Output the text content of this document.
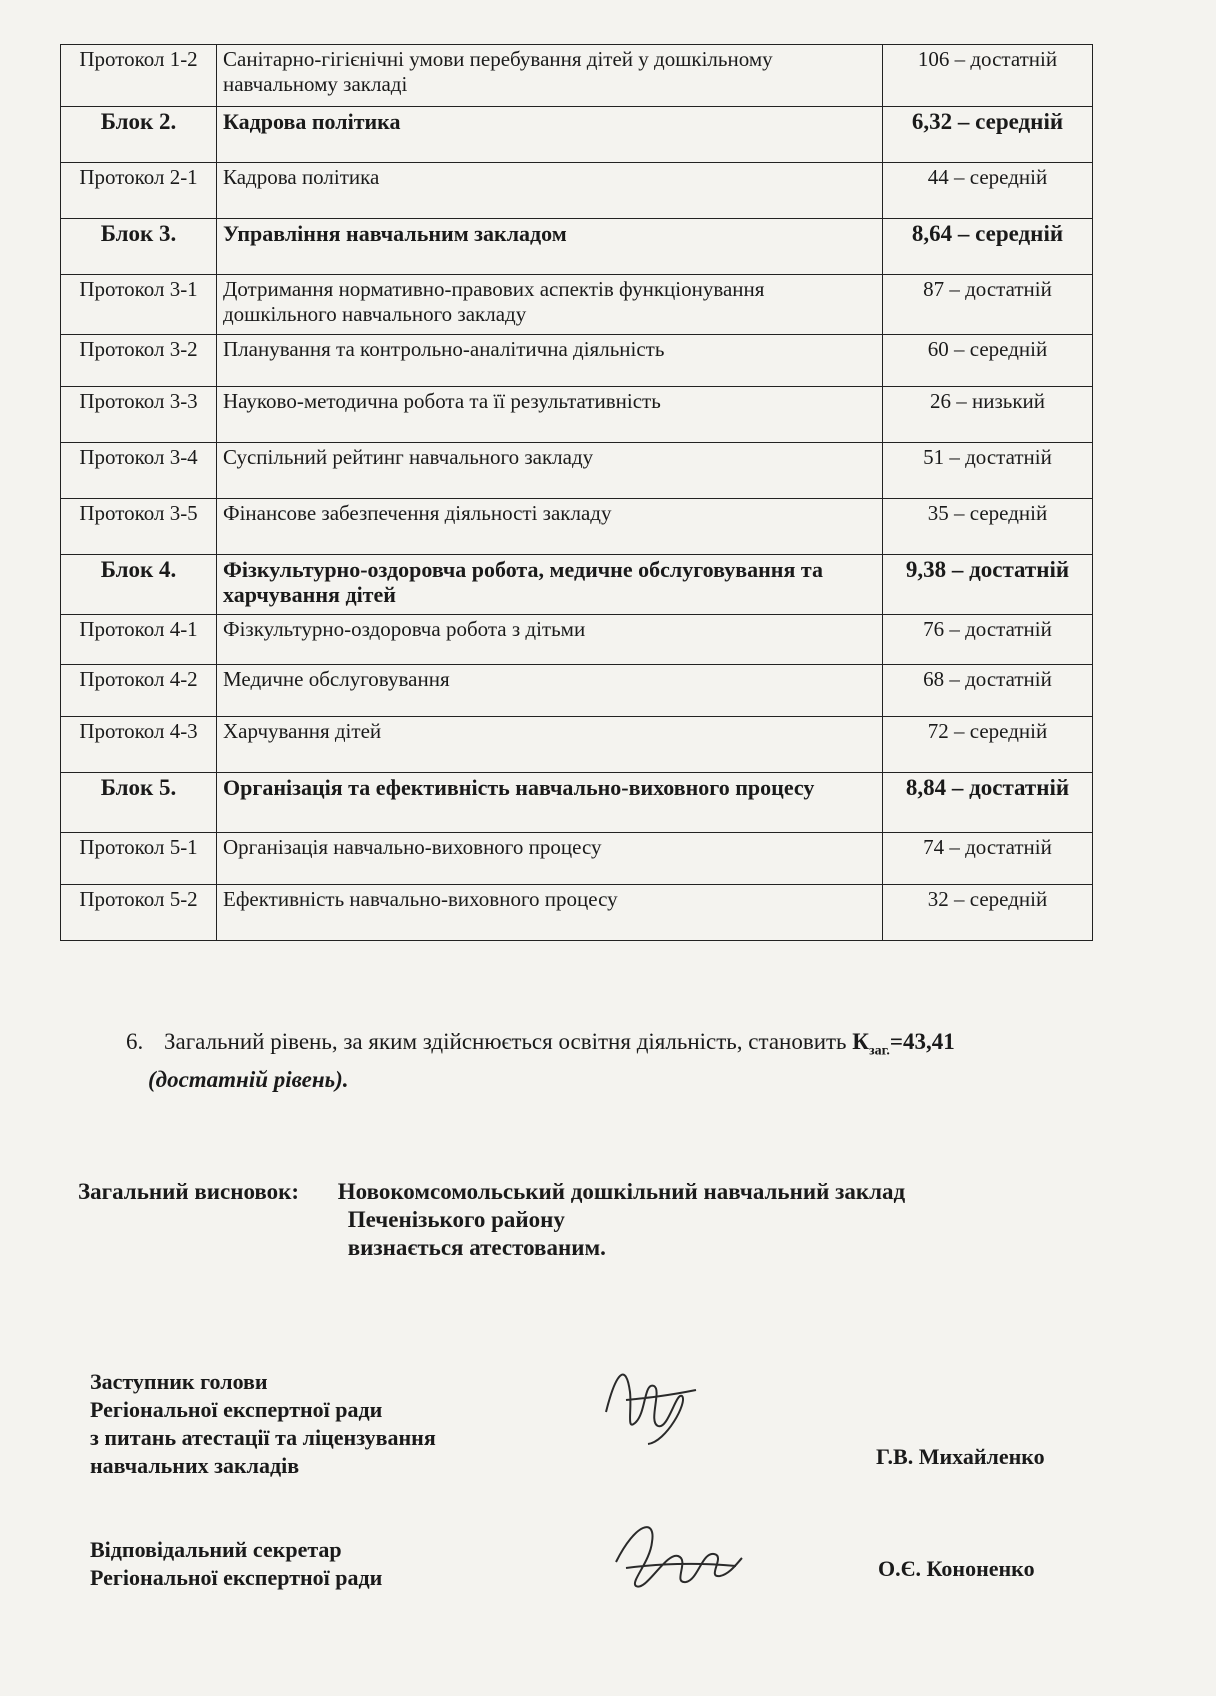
Протокол 1-2	Санітарно-гігієнічні умови перебування дітей у дошкільному навчальному закладі	106 – достатній
Блок 2.	Кадрова політика	6,32 – середній
Протокол 2-1	Кадрова політика	44 – середній
Блок 3.	Управління навчальним закладом	8,64 – середній
Протокол 3-1	Дотримання нормативно-правових аспектів функціонування дошкільного навчального закладу	87 – достатній
Протокол 3-2	Планування та контрольно-аналітична діяльність	60 – середній
Протокол 3-3	Науково-методична робота та її результативність	26 – низький
Протокол 3-4	Суспільний рейтинг навчального закладу	51 – достатній
Протокол 3-5	Фінансове забезпечення діяльності закладу	35 – середній
Блок 4.	Фізкультурно-оздоровча робота, медичне обслуговування та харчування дітей	9,38 – достатній
Протокол 4-1	Фізкультурно-оздоровча робота з дітьми	76 – достатній
Протокол 4-2	Медичне обслуговування	68 – достатній
Протокол 4-3	Харчування дітей	72 – середній
Блок 5.	Організація та ефективність навчально-виховного процесу	8,84 – достатній
Протокол 5-1	Організація навчально-виховного процесу	74 – достатній
Протокол 5-2	Ефективність навчально-виховного процесу	32 – середній
6. Загальний рівень, за яким здійснюється освітня діяльність, становить $К_{заг.}=43,41$
(достатній рівень).
Загальний висновок: Новокомсомольський дошкільний навчальний заклад
Печенізького району
визнається атестованим.
Заступник голови
Регіональної експертної ради
з питань атестації та ліцензування
навчальних закладів	Г.В. Михайленко
Відповідальний секретар
Регіональної експертної ради	О.Є. Кононенко
